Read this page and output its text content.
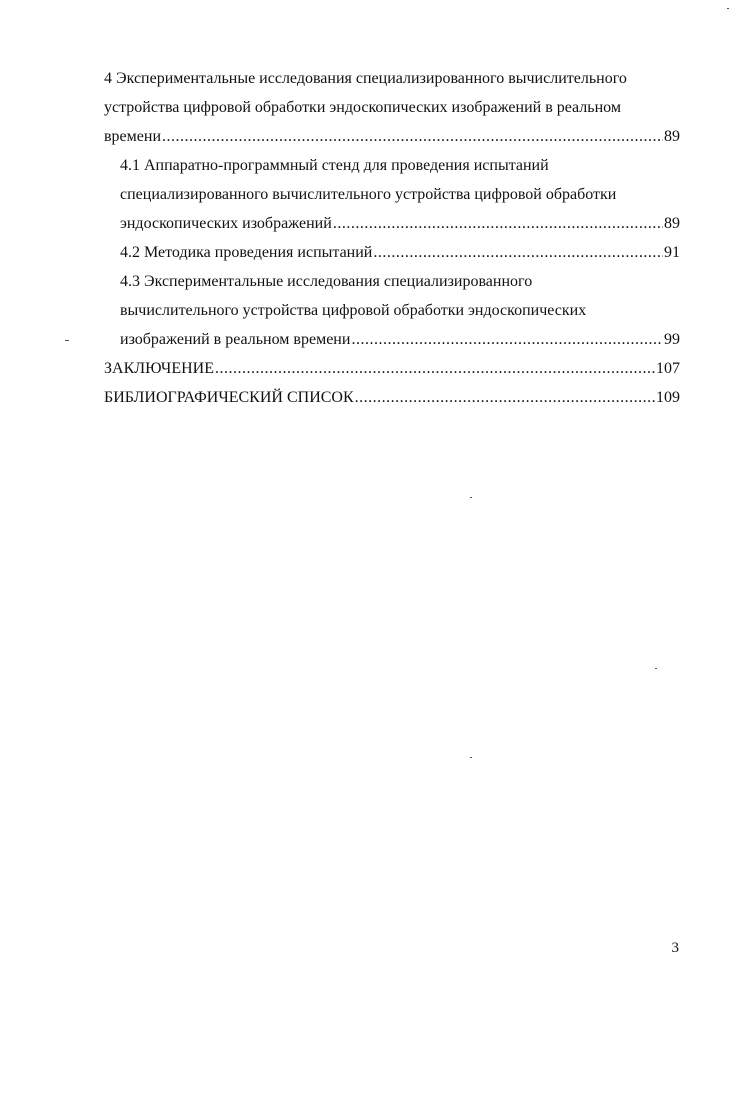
4 Экспериментальные исследования специализированного вычислительного
устройства цифровой обработки эндоскопических изображений в реальном
времени .....	89
4.1 Аппаратно-программный стенд для проведения испытаний
специализированного вычислительного устройства цифровой обработки
эндоскопических изображений .....	89
4.2 Методика проведения испытаний .....	91
4.3 Экспериментальные исследования специализированного
вычислительного устройства цифровой обработки эндоскопических
изображений в реальном времени .....	99
ЗАКЛЮЧЕНИЕ .....	107
БИБЛИОГРАФИЧЕСКИЙ СПИСОК .....	109
3
